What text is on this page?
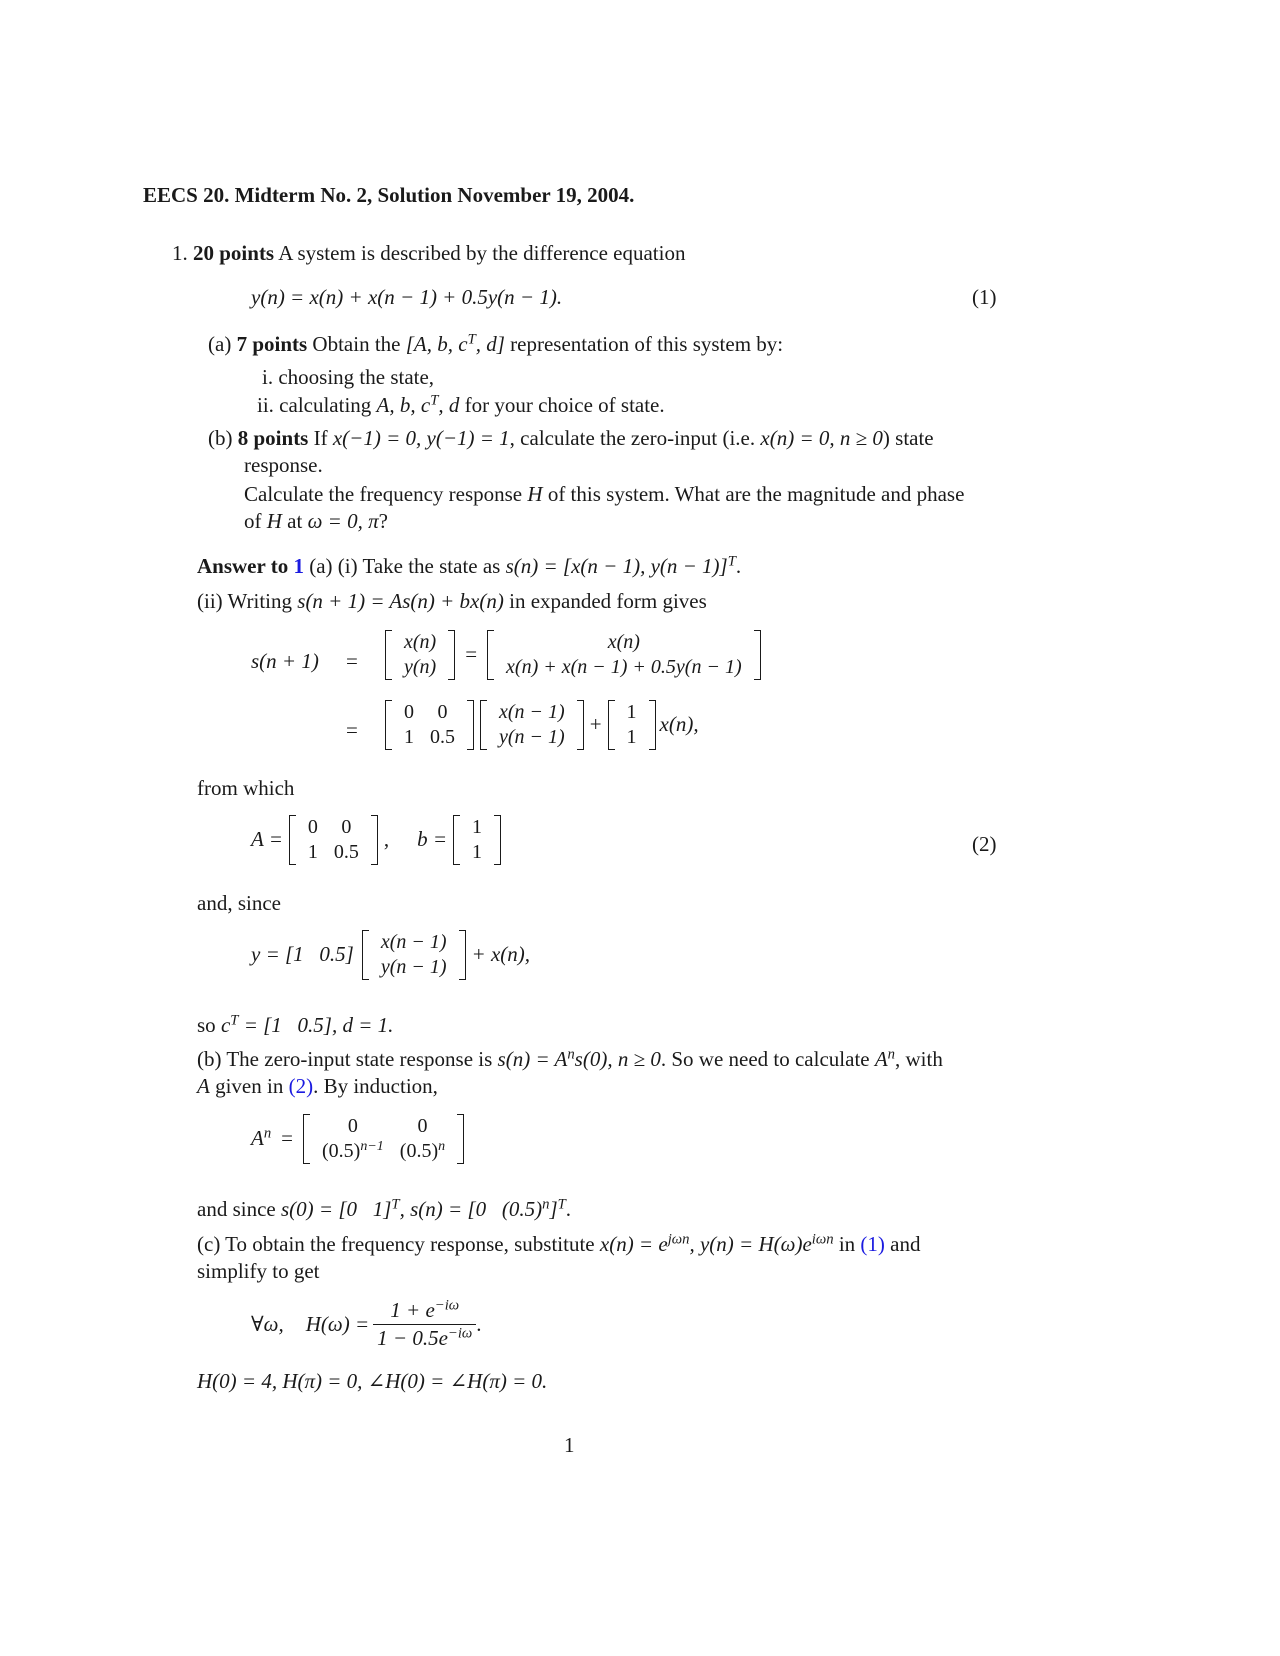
EECS 20. Midterm No. 2, Solution November 19, 2004.
1. 20 points A system is described by the difference equation
y(n) = x(n) + x(n − 1) + 0.5y(n − 1).	(1)
(a) 7 points Obtain the [A, b, $c^T$, d] representation of this system by:
i. choosing the state,
ii. calculating A, b, $c^T$, d for your choice of state.
(b) 8 points If x(−1) = 0, y(−1) = 1, calculate the zero-input (i.e. x(n) = 0, n ≥ 0) state
response.
Calculate the frequency response H of this system. What are the magnitude and phase
of H at ω = 0, π?
Answer to 1 (a) (i) Take the state as s(n) = [x(n − 1), y(n − 1)]$^T$.
(ii) Writing s(n + 1) = As(n) + bx(n) in expanded form gives
s(n + 1) =
x(n)
y(n)
=
x(n)
x(n) + x(n − 1) + 0.5y(n − 1)
=
0	0
1	0.5
x(n − 1)
y(n − 1)
+
1
1
x(n),
from which
A =
0	0
1	0.5
, b =
1
1	(2)
and, since
y = [1   0.5]
x(n − 1)
y(n − 1)
+ x(n),
so $c^T = [1$   0.5], d = 1.
(b) The zero-input state response is $s(n) = A^ns(0)$, n ≥ 0. So we need to calculate $A^n$, with
A given in (2). By induction,
$A^n$ =
0	0
$(0.5)^{n-1}$	$(0.5)^n$
and since s(0) = [0   1]$^T$, s(n) = [0   $(0.5)^n]^T$.
(c) To obtain the frequency response, substitute $x(n) = e^{j\omega n}$, $y(n) = H(\omega)e^{i\omega n}$ in (1) and
simplify to get
∀ω, $H(\omega) = \frac{1 + e^{-i\omega}}{1 - 0.5e^{-i\omega}}$ .
H(0) = 4, H(π) = 0, ∠H(0) = ∠H(π) = 0.
1
